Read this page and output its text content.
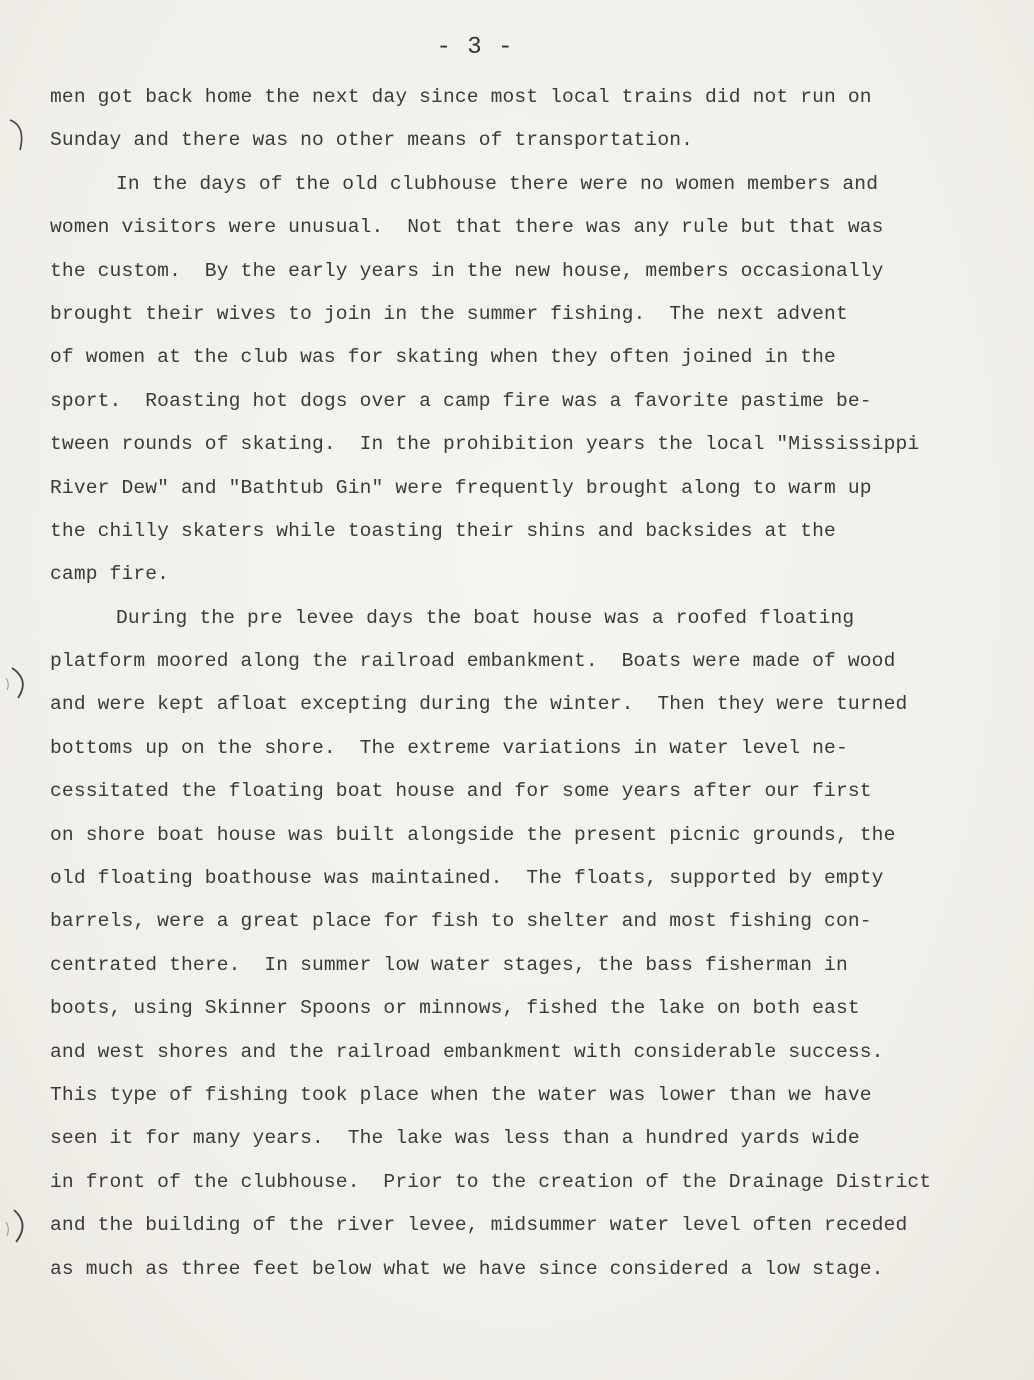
- 3 -
men got back home the next day since most local trains did not run on
Sunday and there was no other means of transportation.
In the days of the old clubhouse there were no women members and
women visitors were unusual.  Not that there was any rule but that was
the custom.  By the early years in the new house, members occasionally
brought their wives to join in the summer fishing.  The next advent
of women at the club was for skating when they often joined in the
sport.  Roasting hot dogs over a camp fire was a favorite pastime be-
tween rounds of skating.  In the prohibition years the local "Mississippi
River Dew" and "Bathtub Gin" were frequently brought along to warm up
the chilly skaters while toasting their shins and backsides at the
camp fire.
During the pre levee days the boat house was a roofed floating
platform moored along the railroad embankment.  Boats were made of wood
and were kept afloat excepting during the winter.  Then they were turned
bottoms up on the shore.  The extreme variations in water level ne-
cessitated the floating boat house and for some years after our first
on shore boat house was built alongside the present picnic grounds, the
old floating boathouse was maintained.  The floats, supported by empty
barrels, were a great place for fish to shelter and most fishing con-
centrated there.  In summer low water stages, the bass fisherman in
boots, using Skinner Spoons or minnows, fished the lake on both east
and west shores and the railroad embankment with considerable success.
This type of fishing took place when the water was lower than we have
seen it for many years.  The lake was less than a hundred yards wide
in front of the clubhouse.  Prior to the creation of the Drainage District
and the building of the river levee, midsummer water level often receded
as much as three feet below what we have since considered a low stage.
